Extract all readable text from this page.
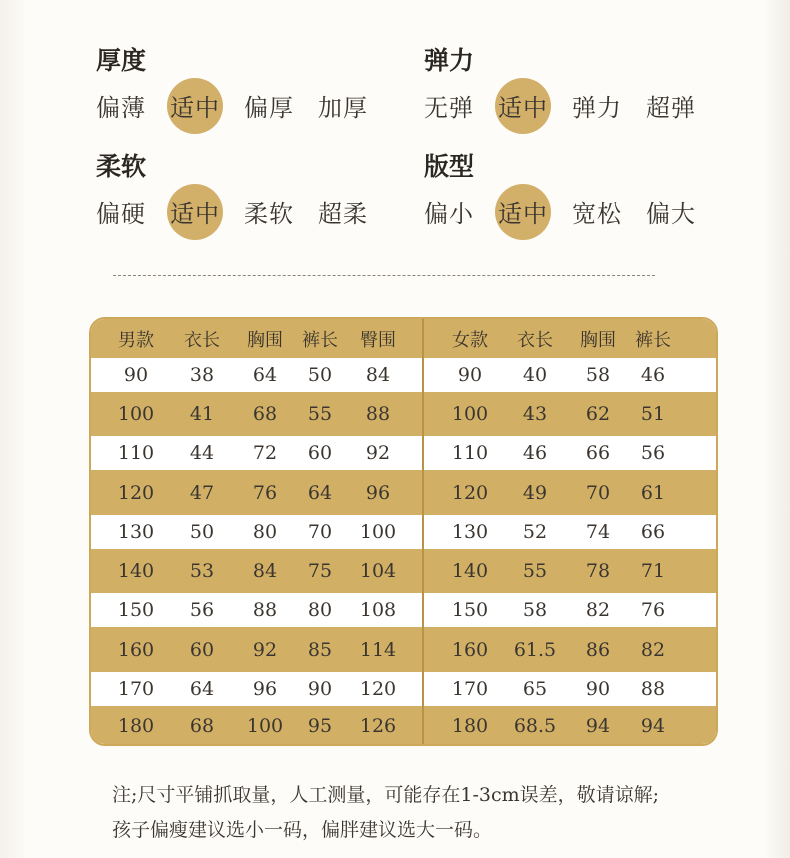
厚度
偏薄	适中	偏厚	加厚
弹力
无弹	适中	弹力	超弹
柔软
偏硬	适中	柔软	超柔
版型
偏小	适中	宽松	偏大
男款 衣长 胸围 裤长 臀围	女款 衣长 胸围 裤长
90 38 64 50 84	90 40 58 46
100 41 68 55 88	100 43 62 51
110 44 72 60 92	110 46 66 56
120 47 76 64 96	120 49 70 61
130 50 80 70 100	130 52 74 66
140 53 84 75 104	140 55 78 71
150 56 88 80 108	150 58 82 76
160 60 92 85 114	160 61.5 86 82
170 64 96 90 120	170 65 90 88
180 68 100 95 126	180 68.5 94 94
注;尺寸平铺抓取量，人工测量，可能存在1-3cm误差，敬请谅解;
孩子偏瘦建议选小一码，偏胖建议选大一码。
